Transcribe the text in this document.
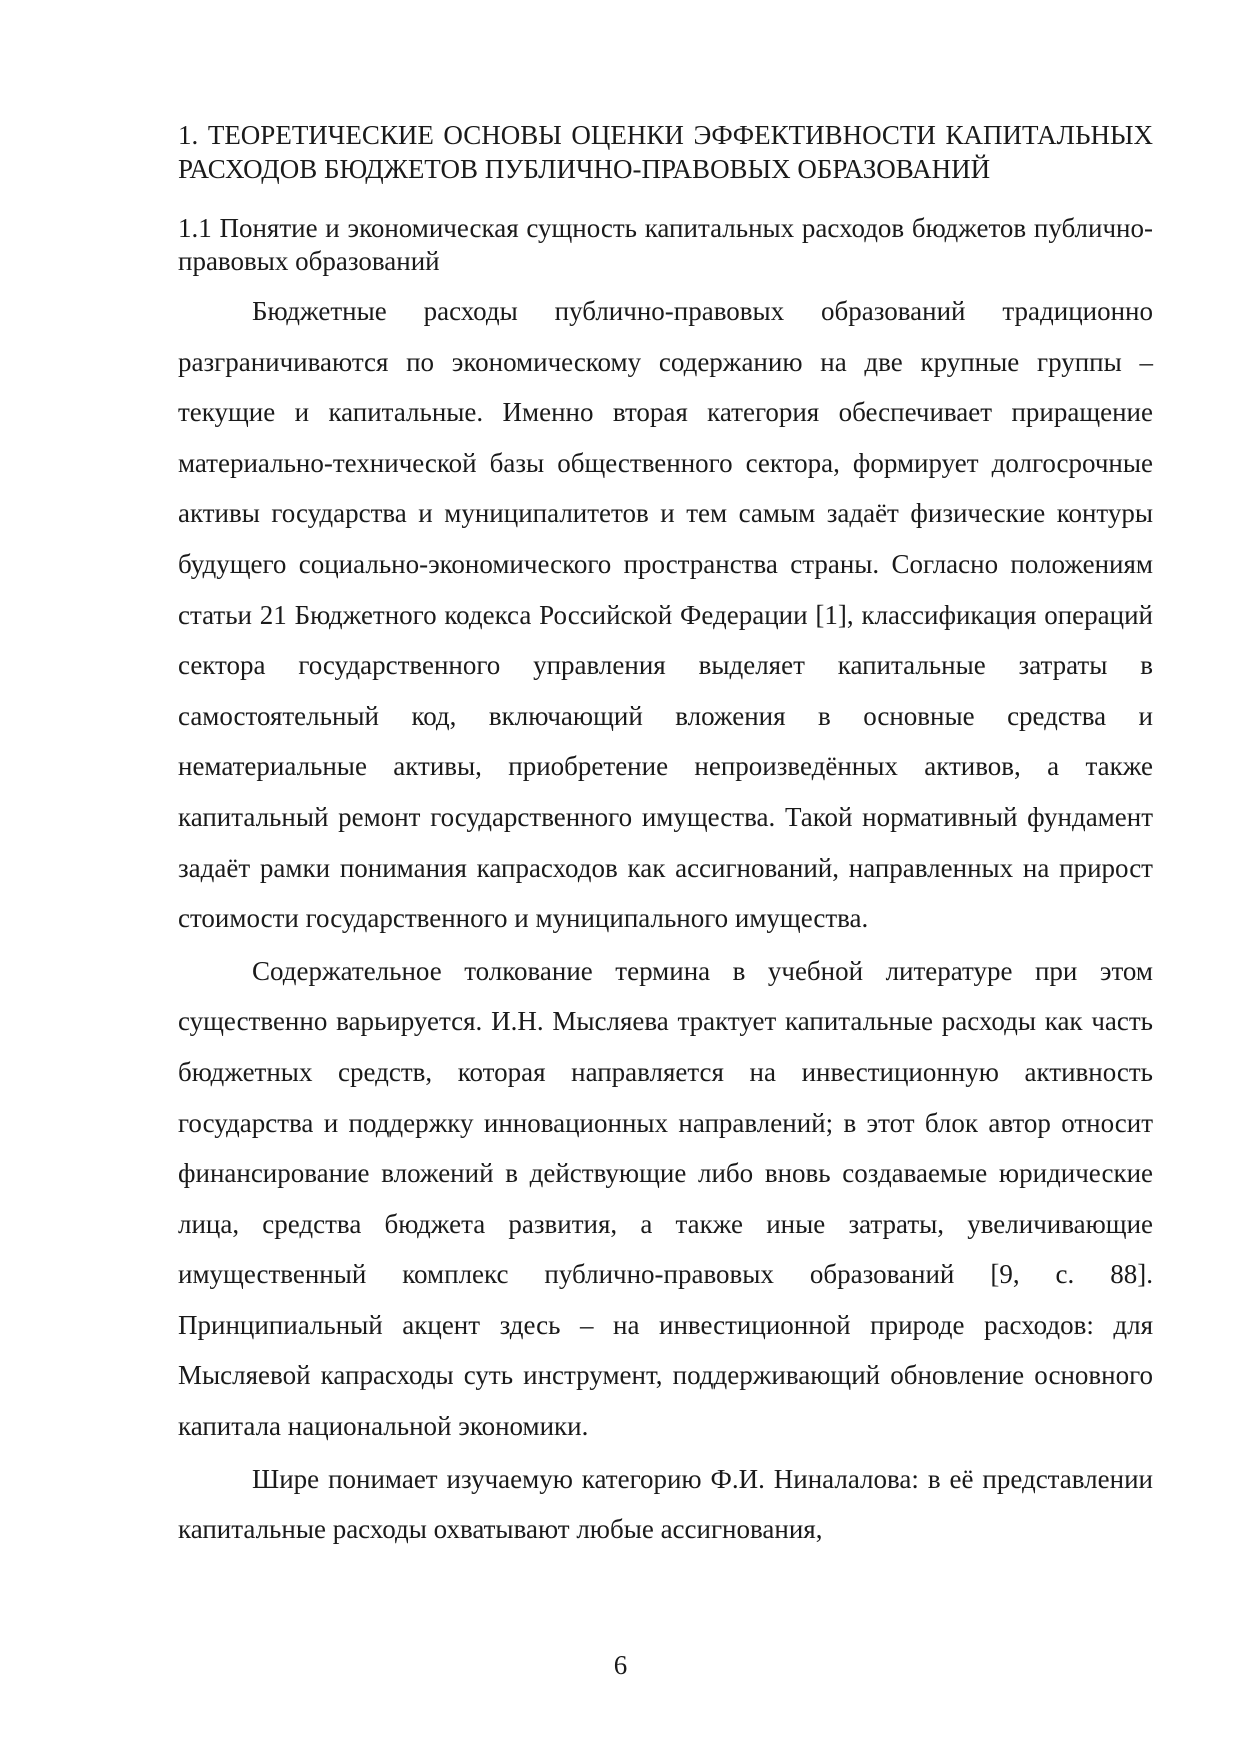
1. ТЕОРЕТИЧЕСКИЕ ОСНОВЫ ОЦЕНКИ ЭФФЕКТИВНОСТИ КАПИТАЛЬНЫХ РАСХОДОВ БЮДЖЕТОВ ПУБЛИЧНО-ПРАВОВЫХ ОБРАЗОВАНИЙ
1.1 Понятие и экономическая сущность капитальных расходов бюджетов публично-правовых образований

Бюджетные расходы публично-правовых образований традиционно разграничиваются по экономическому содержанию на две крупные группы – текущие и капитальные. Именно вторая категория обеспечивает приращение материально-технической базы общественного сектора, формирует долгосрочные активы государства и муниципалитетов и тем самым задаёт физические контуры будущего социально-экономического пространства страны. Согласно положениям статьи 21 Бюджетного кодекса Российской Федерации [1], классификация операций сектора государственного управления выделяет капитальные затраты в самостоятельный код, включающий вложения в основные средства и нематериальные активы, приобретение непроизведённых активов, а также капитальный ремонт государственного имущества. Такой нормативный фундамент задаёт рамки понимания капрасходов как ассигнований, направленных на прирост стоимости государственного и муниципального имущества.

Содержательное толкование термина в учебной литературе при этом существенно варьируется. И.Н. Мысляева трактует капитальные расходы как часть бюджетных средств, которая направляется на инвестиционную активность государства и поддержку инновационных направлений; в этот блок автор относит финансирование вложений в действующие либо вновь создаваемые юридические лица, средства бюджета развития, а также иные затраты, увеличивающие имущественный комплекс публично-правовых образований [9, с. 88]. Принципиальный акцент здесь – на инвестиционной природе расходов: для Мысляевой капрасходы суть инструмент, поддерживающий обновление основного капитала национальной экономики.

Шире понимает изучаемую категорию Ф.И. Ниналалова: в её представлении капитальные расходы охватывают любые ассигнования,

6
